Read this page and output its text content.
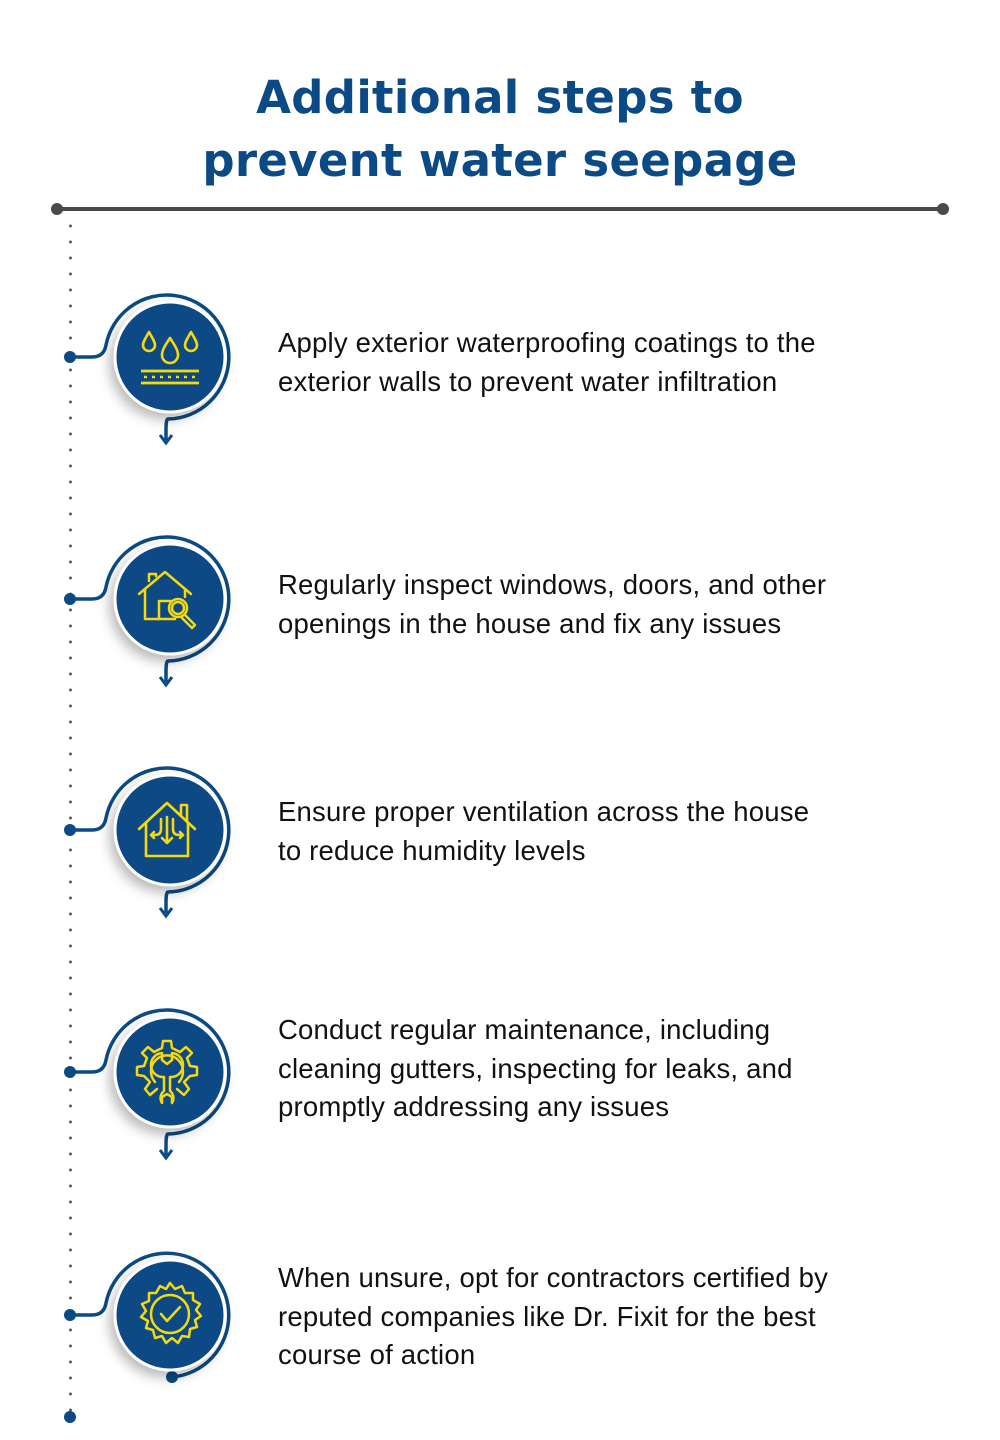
Additional steps to
prevent water seepage
Apply exterior waterproofing coatings to the
exterior walls to prevent water infiltration
Regularly inspect windows, doors, and other
openings in the house and fix any issues
Ensure proper ventilation across the house
to reduce humidity levels
Conduct regular maintenance, including
cleaning gutters, inspecting for leaks, and
promptly addressing any issues
When unsure, opt for contractors certified by
reputed companies like Dr. Fixit for the best
course of action
